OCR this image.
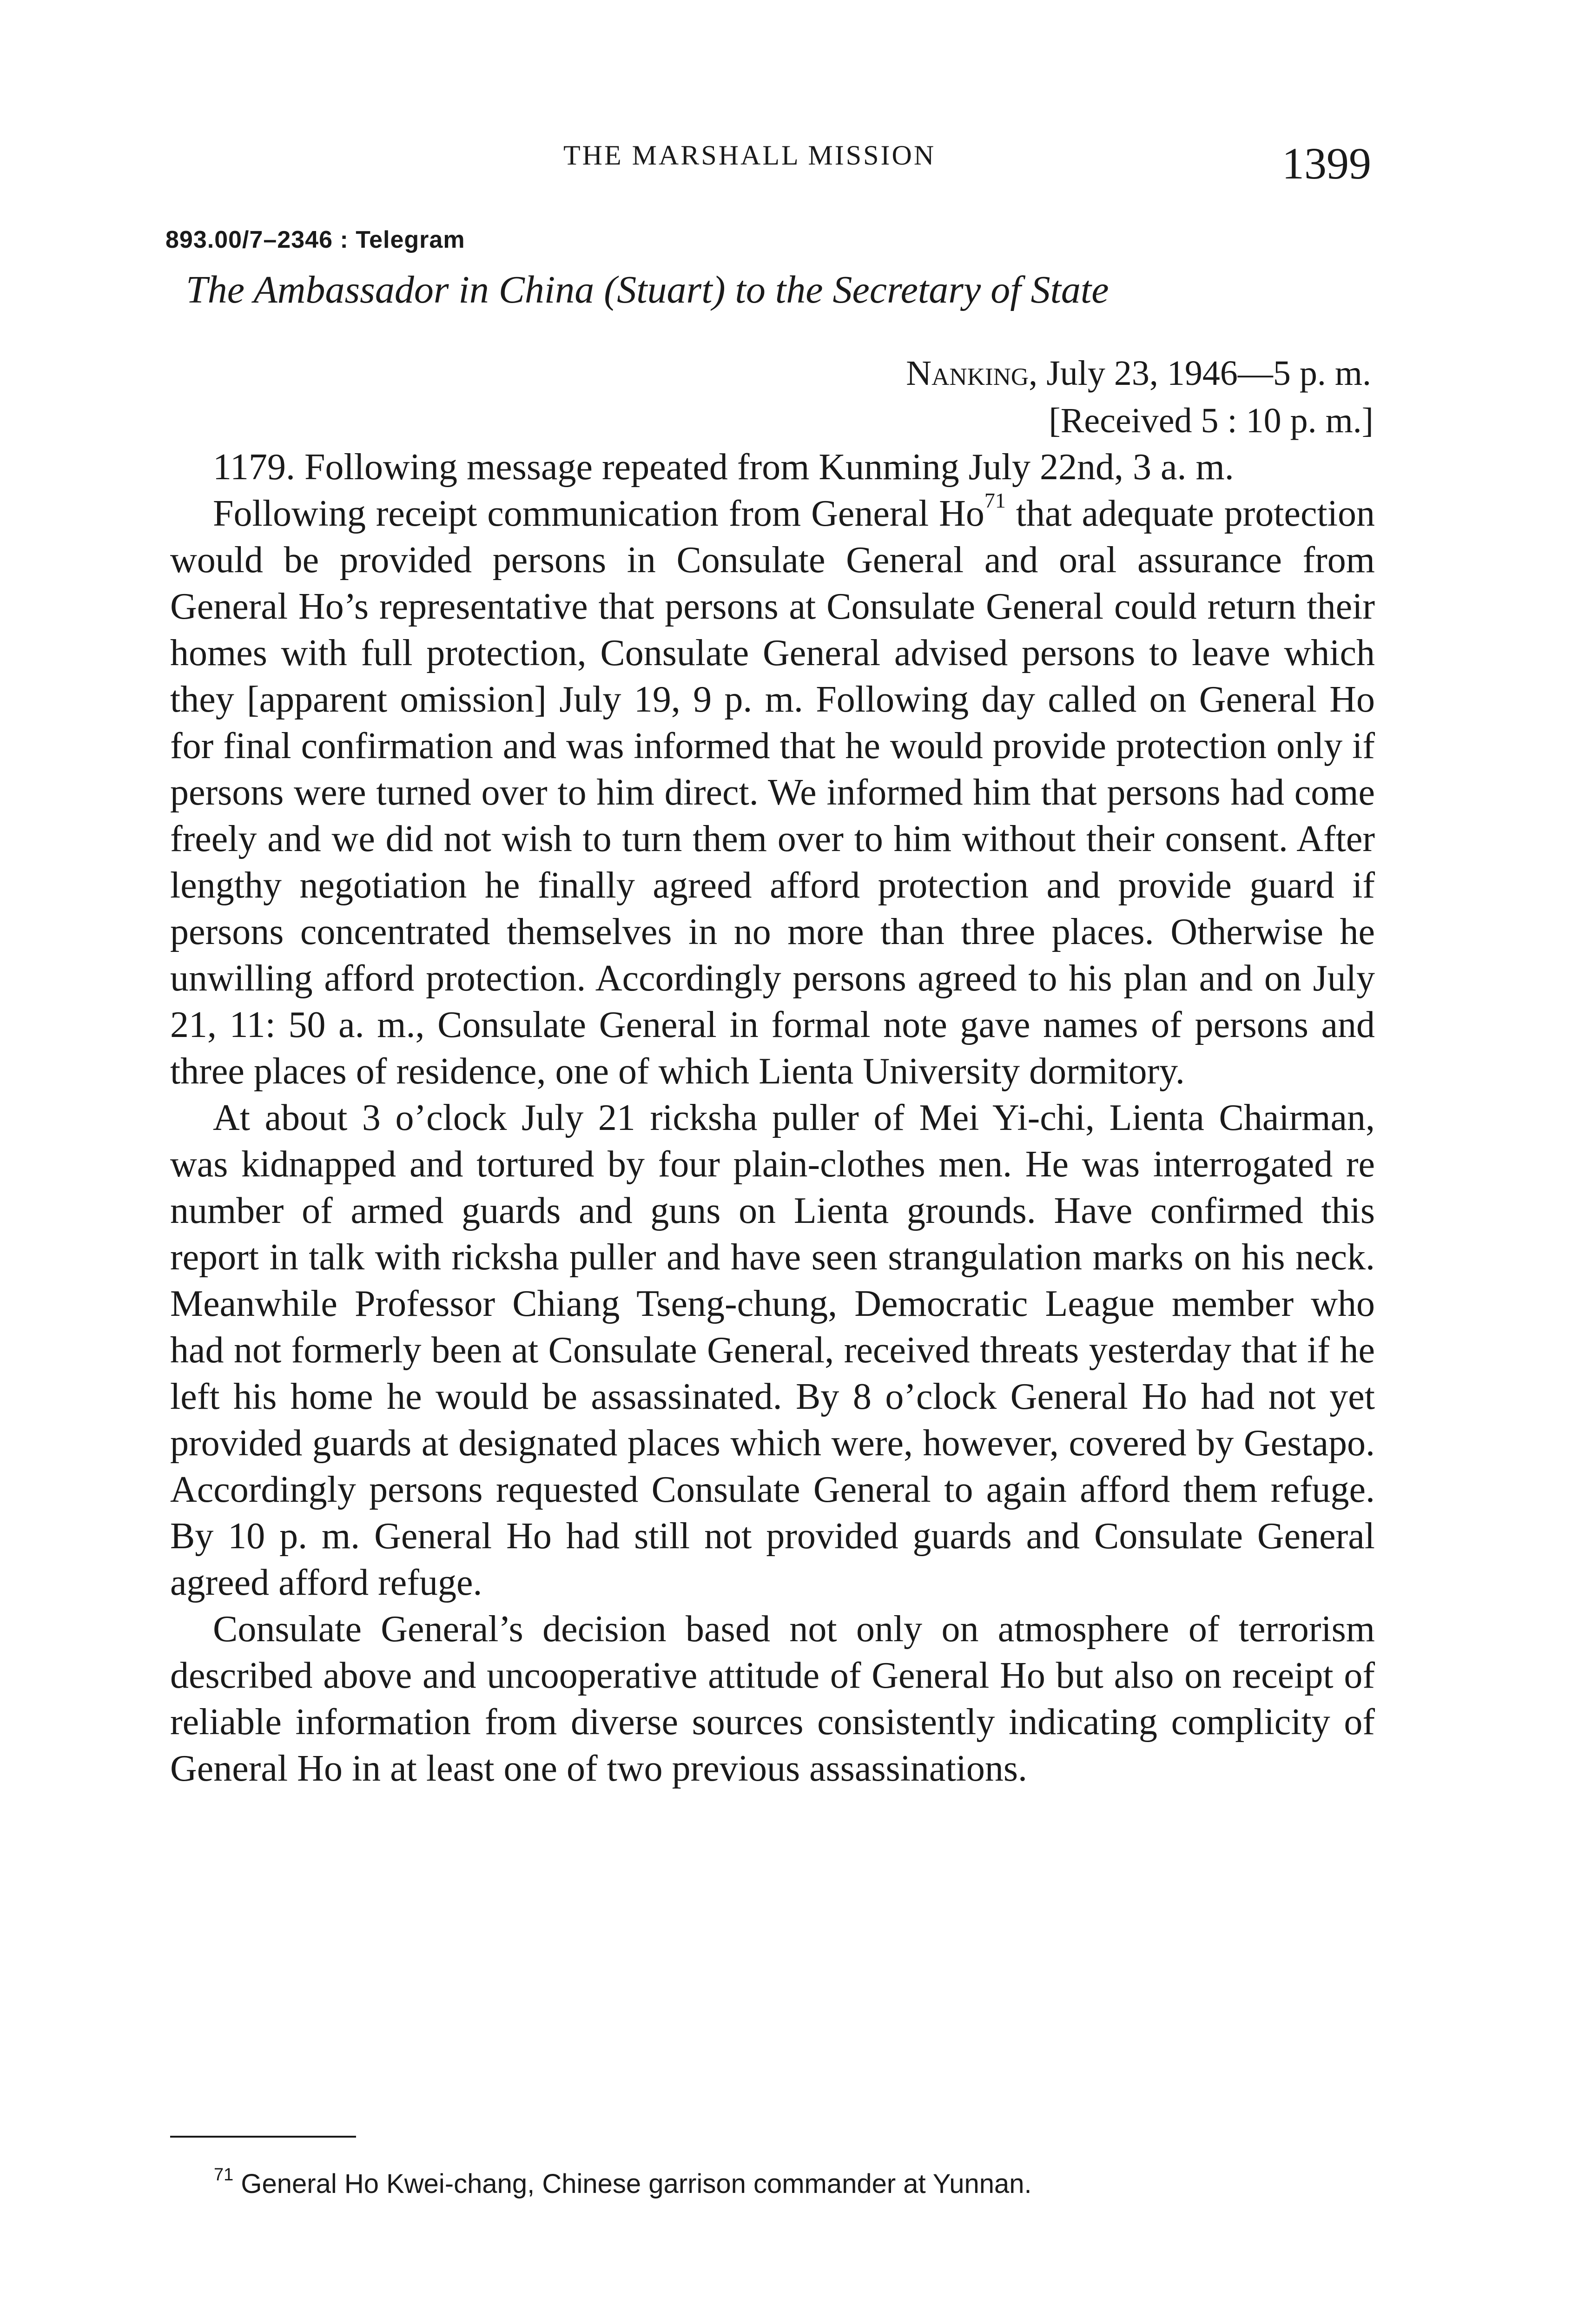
THE MARSHALL MISSION	1399
893.00/7–2346 : Telegram
The Ambassador in China (Stuart) to the Secretary of State
Nanking, July 23, 1946—5 p. m.
[Received 5 : 10 p. m.]

1179. Following message repeated from Kunming July 22nd, 3 a. m.

Following receipt communication from General Ho$^{71}$ that adequate protection would be provided persons in Consulate General and oral assurance from General Ho’s representative that persons at Consulate General could return their homes with full protection, Consulate General advised persons to leave which they [apparent omission] July 19, 9 p. m. Following day called on General Ho for final confirmation and was informed that he would provide protection only if persons were turned over to him direct. We informed him that persons had come freely and we did not wish to turn them over to him without their consent. After lengthy negotiation he finally agreed afford protection and provide guard if persons concentrated themselves in no more than three places. Otherwise he unwilling afford protection. Accordingly persons agreed to his plan and on July 21, 11: 50 a. m., Consulate General in formal note gave names of persons and three places of residence, one of which Lienta University dormitory.

At about 3 o’clock July 21 ricksha puller of Mei Yi-chi, Lienta Chairman, was kidnapped and tortured by four plain-clothes men. He was interrogated re number of armed guards and guns on Lienta grounds. Have confirmed this report in talk with ricksha puller and have seen strangulation marks on his neck. Meanwhile Professor Chiang Tseng-chung, Democratic League member who had not formerly been at Consulate General, received threats yesterday that if he left his home he would be assassinated. By 8 o’clock General Ho had not yet provided guards at designated places which were, however, covered by Gestapo. Accordingly persons requested Consulate General to again afford them refuge. By 10 p. m. General Ho had still not provided guards and Consulate General agreed afford refuge.

Consulate General’s decision based not only on atmosphere of terrorism described above and uncooperative attitude of General Ho but also on receipt of reliable information from diverse sources consistently indicating complicity of General Ho in at least one of two previous assassinations.

$^{71}$ General Ho Kwei-chang, Chinese garrison commander at Yunnan.
